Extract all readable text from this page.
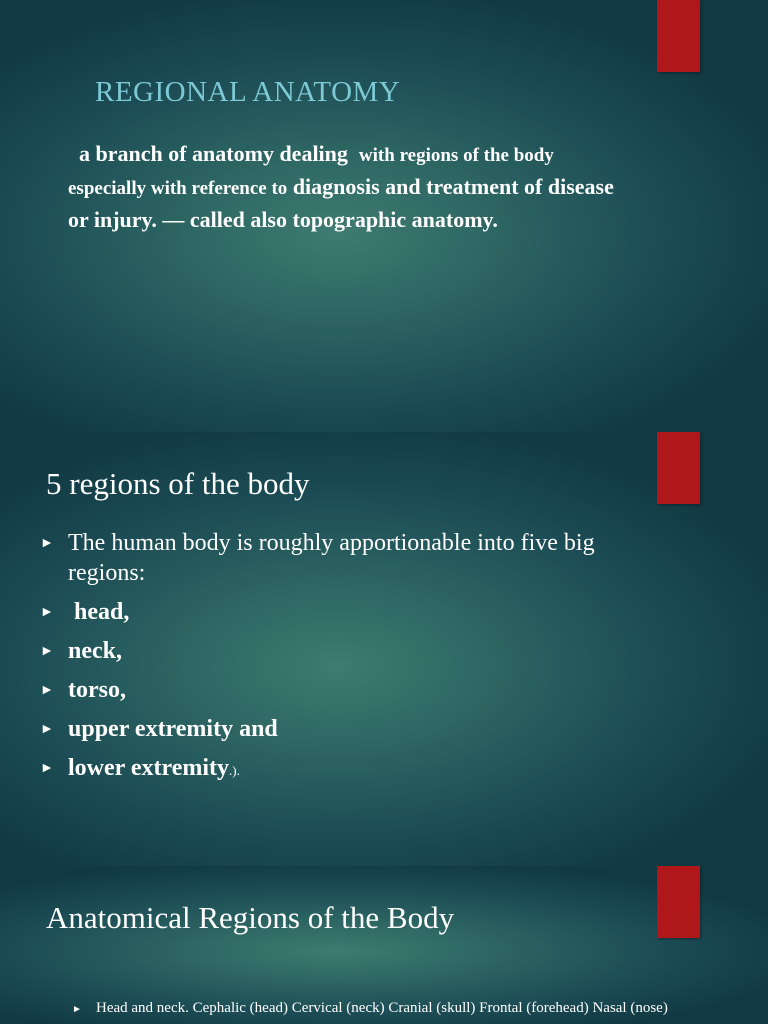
REGIONAL ANATOMY
a branch of anatomy dealing with regions of the body especially with reference to diagnosis and treatment of disease or injury. — called also topographic anatomy.
5 regions of the body
► The human body is roughly apportionable into five big regions:
► head,
► neck,
► torso,
► upper extremity and
► lower extremity.).
Anatomical Regions of the Body
► Head and neck. Cephalic (head) Cervical (neck) Cranial (skull) Frontal (forehead) Nasal (nose)
